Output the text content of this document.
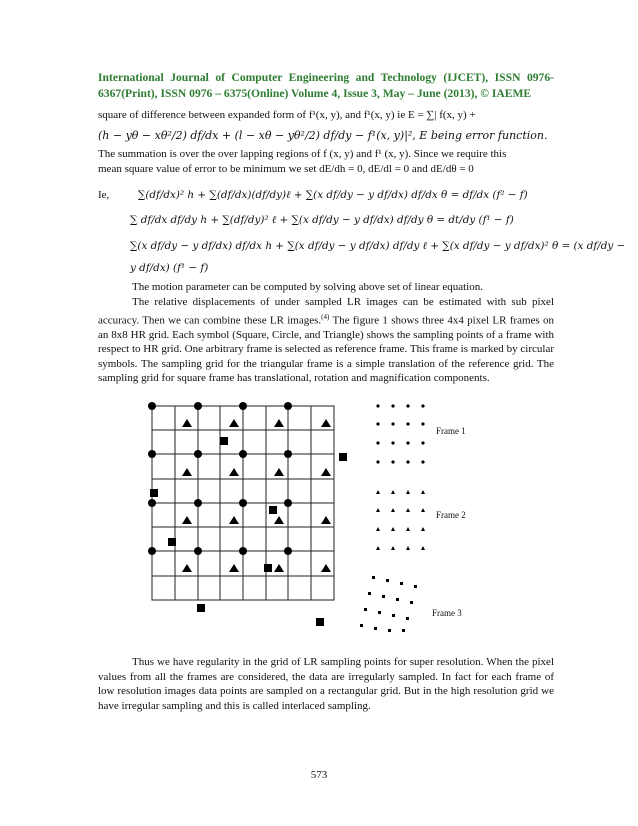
International Journal of Computer Engineering and Technology (IJCET), ISSN 0976-6367(Print), ISSN 0976 – 6375(Online) Volume 4, Issue 3, May – June (2013), © IAEME
square of difference between expanded form of f¹(x, y), and f¹(x, y) ie E = ∑| f(x, y) +
(h − yθ − xθ²/2) df/dx + (l − xθ − yθ²/2) df/dy − f¹(x, y)|², E being error function.
The summation is over the over lapping regions of f (x, y) and f¹ (x, y). Since we require this
mean square value of error to be minimum we set dE/dh = 0, dE/dl = 0 and dE/dθ = 0
Ie,	∑(df/dx)² h + ∑(df/dx)(df/dy)ℓ + ∑(x df/dy − y df/dx) df/dx θ = df/dx (f² − f)
∑ df/dx df/dy h + ∑(df/dy)² ℓ + ∑(x df/dy − y df/dx) df/dy θ = dt/dy (f¹ − f)
∑(x df/dy − y df/dx) df/dx h + ∑(x df/dy − y df/dx) df/dy ℓ + ∑(x df/dy − y df/dx)² θ = (x df/dy −
y df/dx) (f¹ − f)
The motion parameter can be computed by solving above set of linear equation.
The relative displacements of under sampled LR images can be estimated with sub pixel accuracy. Then we can combine these LR images.$^{(4)}$ The figure 1 shows three 4x4 pixel LR frames on an 8x8 HR grid. Each symbol (Square, Circle, and Triangle) shows the sampling points of a frame with respect to HR grid. One arbitrary frame is selected as reference frame. This frame is marked by circular symbols. The sampling grid for the triangular frame is a simple translation of the reference grid. The sampling grid for square frame has translational, rotation and magnification components.
Frame 1
Frame 2
Frame 3
Thus we have regularity in the grid of LR sampling points for super resolution. When the pixel values from all the frames are considered, the data are irregularly sampled. In fact for each frame of low resolution images data points are sampled on a rectangular grid. But in the high resolution grid we have irregular sampling and this is called interlaced sampling.
573
